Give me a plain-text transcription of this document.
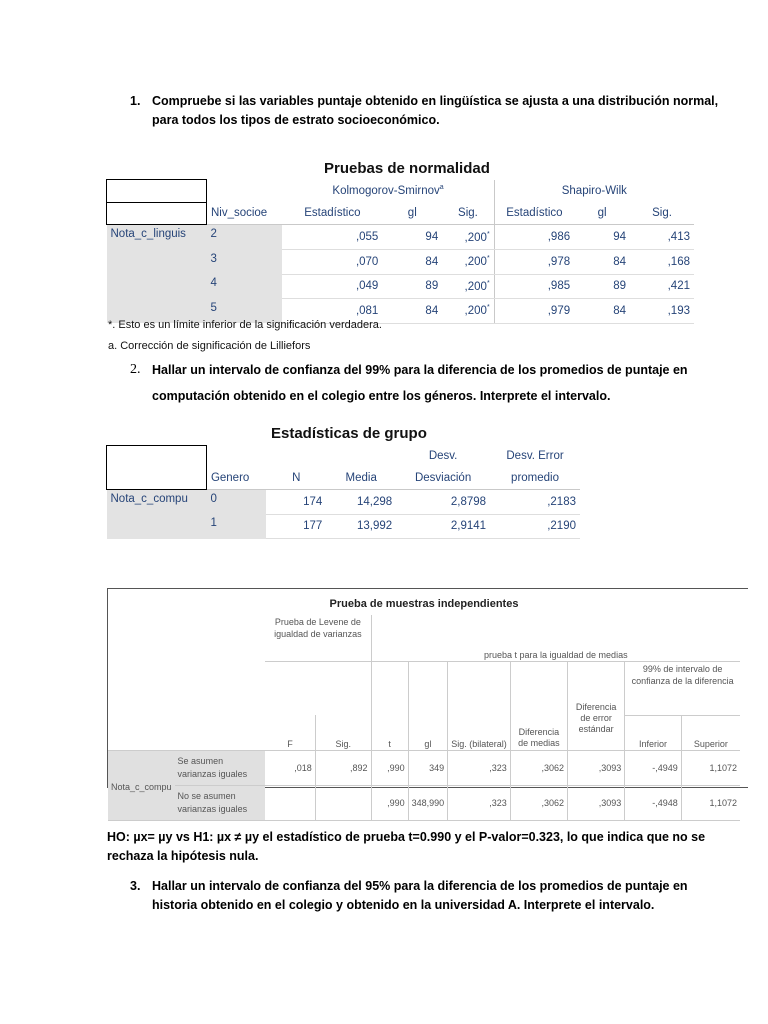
1. Compruebe si las variables puntaje obtenido en lingüística se ajusta a una distribución normal, para todos los tipos de estrato socioeconómico.
Pruebas de normalidad
		Kolmogorov-Smirnov$^a$			Shapiro-Wilk		
	Niv_socioe	Estadístico	gl	Sig.	Estadístico	gl	Sig.
Nota_c_linguis	2	,055	94	,200*	,986	94	,413
	3	,070	84	,200*	,978	84	,168
	4	,049	89	,200*	,985	89	,421
	5	,081	84	,200*	,979	84	,193
*. Esto es un límite inferior de la significación verdadera.
a. Corrección de significación de Lilliefors
2. Hallar un intervalo de confianza del 99% para la diferencia de los promedios de puntaje en computación obtenido en el colegio entre los géneros. Interprete el intervalo.
Estadísticas de grupo
				Desv.	Desv. Error
	Genero	N	Media	Desviación	promedio
Nota_c_compu	0	174	14,298	2,8798	,2183
	1	177	13,992	2,9141	,2190
Prueba de muestras independientes
		Prueba de Levene de igualdad de varianzas		prueba t para la igualdad de medias						
									99% de intervalo de confianza de la diferencia	
		F	Sig.	t	gl	Sig. (bilateral)	Diferencia de medias	Diferencia de error estándar	Inferior	Superior
Nota_c_compu	Se asumen varianzas iguales	,018	,892	,990	349	,323	,3062	,3093	-,4949	1,1072
	No se asumen varianzas iguales			,990	348,990	,323	,3062	,3093	-,4948	1,1072
HO: µx= µy vs H1: µx ≠ µy el estadístico de prueba t=0.990 y el P-valor=0.323, lo que indica que no se rechaza la hipótesis nula.
3. Hallar un intervalo de confianza del 95% para la diferencia de los promedios de puntaje en historia obtenido en el colegio y obtenido en la universidad A. Interprete el intervalo.
